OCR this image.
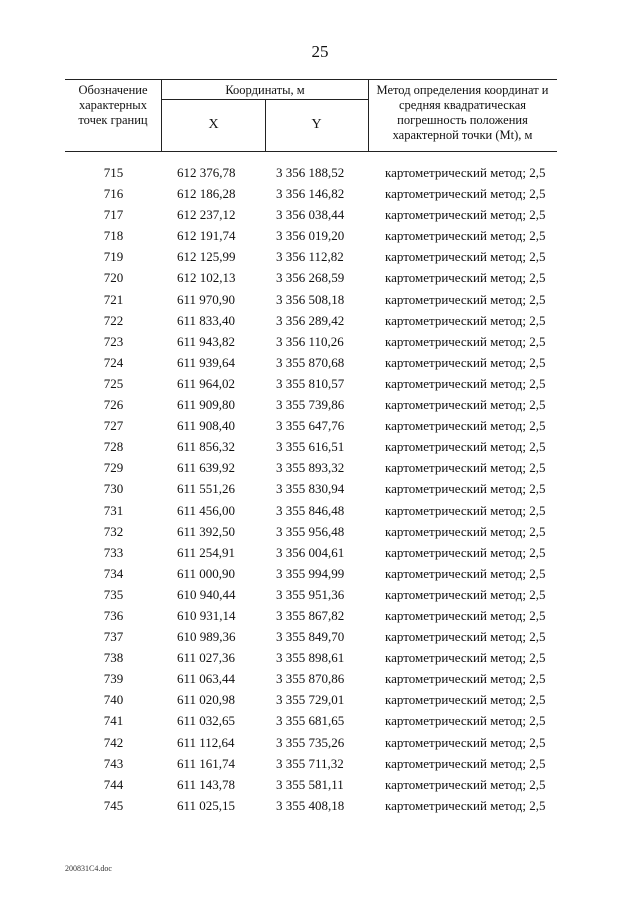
25
Обозначение характерных точек границ
Координаты, м
X	Y
Метод определения координат и средняя квадратическая погрешность положения характерной точки (Mt), м
715	612 376,78	3 356 188,52	картометрический метод; 2,5
716	612 186,28	3 356 146,82	картометрический метод; 2,5
717	612 237,12	3 356 038,44	картометрический метод; 2,5
718	612 191,74	3 356 019,20	картометрический метод; 2,5
719	612 125,99	3 356 112,82	картометрический метод; 2,5
720	612 102,13	3 356 268,59	картометрический метод; 2,5
721	611 970,90	3 356 508,18	картометрический метод; 2,5
722	611 833,40	3 356 289,42	картометрический метод; 2,5
723	611 943,82	3 356 110,26	картометрический метод; 2,5
724	611 939,64	3 355 870,68	картометрический метод; 2,5
725	611 964,02	3 355 810,57	картометрический метод; 2,5
726	611 909,80	3 355 739,86	картометрический метод; 2,5
727	611 908,40	3 355 647,76	картометрический метод; 2,5
728	611 856,32	3 355 616,51	картометрический метод; 2,5
729	611 639,92	3 355 893,32	картометрический метод; 2,5
730	611 551,26	3 355 830,94	картометрический метод; 2,5
731	611 456,00	3 355 846,48	картометрический метод; 2,5
732	611 392,50	3 355 956,48	картометрический метод; 2,5
733	611 254,91	3 356 004,61	картометрический метод; 2,5
734	611 000,90	3 355 994,99	картометрический метод; 2,5
735	610 940,44	3 355 951,36	картометрический метод; 2,5
736	610 931,14	3 355 867,82	картометрический метод; 2,5
737	610 989,36	3 355 849,70	картометрический метод; 2,5
738	611 027,36	3 355 898,61	картометрический метод; 2,5
739	611 063,44	3 355 870,86	картометрический метод; 2,5
740	611 020,98	3 355 729,01	картометрический метод; 2,5
741	611 032,65	3 355 681,65	картометрический метод; 2,5
742	611 112,64	3 355 735,26	картометрический метод; 2,5
743	611 161,74	3 355 711,32	картометрический метод; 2,5
744	611 143,78	3 355 581,11	картометрический метод; 2,5
745	611 025,15	3 355 408,18	картометрический метод; 2,5
200831C4.doc
